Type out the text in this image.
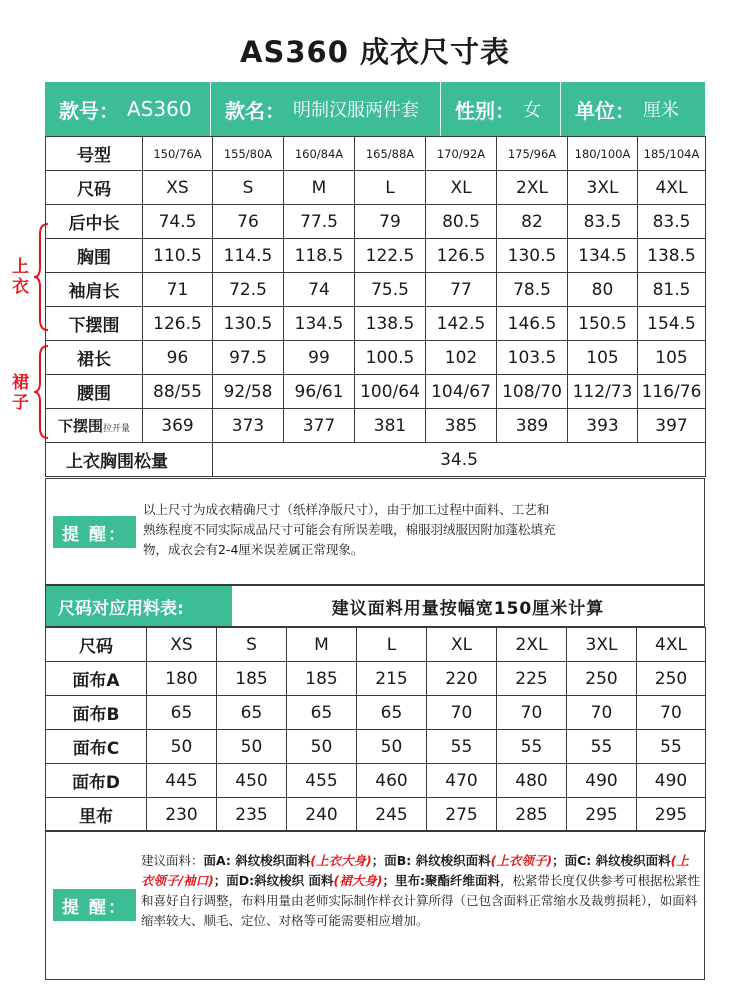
AS360 成衣尺寸表
款号： AS360 款名： 明制汉服两件套 性别： 女 单位： 厘米
号型	150/76A	155/80A	160/84A	165/88A	170/92A	175/96A	180/100A	185/104A
尺码	XS	S	M	L	XL	2XL	3XL	4XL
后中长	74.5	76	77.5	79	80.5	82	83.5	83.5
胸围	110.5	114.5	118.5	122.5	126.5	130.5	134.5	138.5
袖肩长	71	72.5	74	75.5	77	78.5	80	81.5
下摆围	126.5	130.5	134.5	138.5	142.5	146.5	150.5	154.5
裙长	96	97.5	99	100.5	102	103.5	105	105
腰围	88/55	92/58	96/61	100/64	104/67	108/70	112/73	116/76
下摆围拉开量	369	373	377	381	385	389	393	397
上衣胸围松量		34.5						
上衣
裙子
提 醒：
以上尺寸为成衣精确尺寸（纸样净版尺寸），由于加工过程中面料、工艺和
熟练程度不同实际成品尺寸可能会有所误差哦，棉服羽绒服因附加蓬松填充
物，成衣会有2-4厘米误差属正常现象。
尺码对应用料表:	建议面料用量按幅宽150厘米计算
尺码	XS	S	M	L	XL	2XL	3XL	4XL
面布A	180	185	185	215	220	225	250	250
面布B	65	65	65	65	70	70	70	70
面布C	50	50	50	50	55	55	55	55
面布D	445	450	455	460	470	480	490	490
里布	230	235	240	245	275	285	295	295
提 醒：
建议面料：面A: 斜纹梭织面料(上衣大身)；面B: 斜纹梭织面料(上衣领子)；面C: 斜纹梭织面料(上衣领子/袖口)；面D:斜纹梭织 面料(裙大身)；里布:聚酯纤维面料，松紧带长度仅供参考可根据松紧性和喜好自行调整，布料用量由老师实际制作样衣计算所得（已包含面料正常缩水及裁剪损耗），如面料缩率较大、顺毛、定位、对格等可能需要相应增加。
